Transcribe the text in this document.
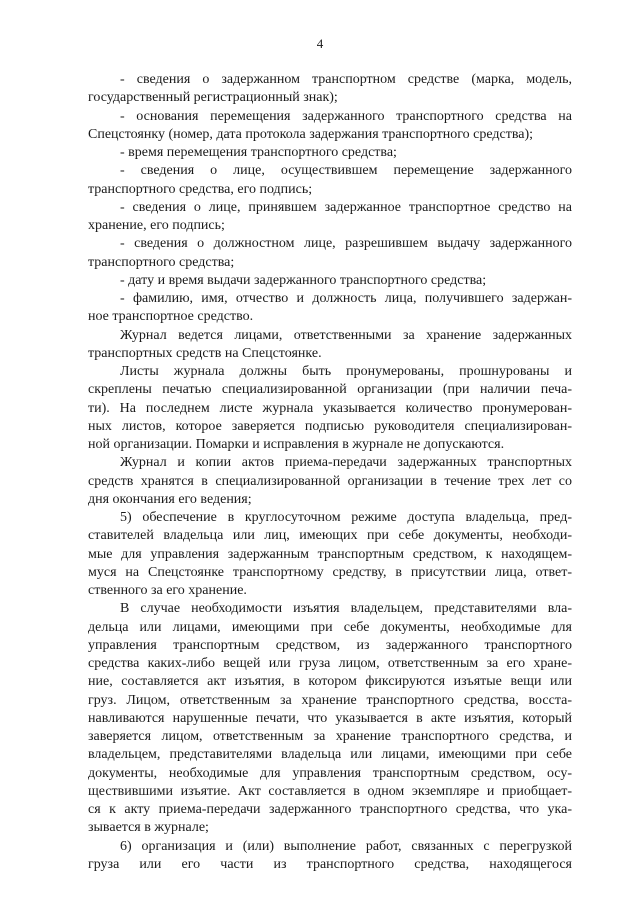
4
- сведения о задержанном транспортном средстве (марка, модель,
государственный регистрационный знак);
- основания перемещения задержанного транспортного средства на
Спецстоянку (номер, дата протокола задержания транспортного средства);
- время перемещения транспортного средства;
- сведения о лице, осуществившем перемещение задержанного
транспортного средства, его подпись;
- сведения о лице, принявшем задержанное транспортное средство на
хранение, его подпись;
- сведения о должностном лице, разрешившем выдачу задержанного
транспортного средства;
- дату и время выдачи задержанного транспортного средства;
- фамилию, имя, отчество и должность лица, получившего задержан-
ное транспортное средство.
Журнал ведется лицами, ответственными за хранение задержанных
транспортных средств на Спецстоянке.
Листы журнала должны быть пронумерованы, прошнурованы и
скреплены печатью специализированной организации (при наличии печа-
ти). На последнем листе журнала указывается количество пронумерован-
ных листов, которое заверяется подписью руководителя специализирован-
ной организации. Помарки и исправления в журнале не допускаются.
Журнал и копии актов приема-передачи задержанных транспортных
средств хранятся в специализированной организации в течение трех лет со
дня окончания его ведения;
5) обеспечение в круглосуточном режиме доступа владельца, пред-
ставителей владельца или лиц, имеющих при себе документы, необходи-
мые для управления задержанным транспортным средством, к находящем-
муся на Спецстоянке транспортному средству, в присутствии лица, ответ-
ственного за его хранение.
В случае необходимости изъятия владельцем, представителями вла-
дельца или лицами, имеющими при себе документы, необходимые для
управления транспортным средством, из задержанного транспортного
средства каких-либо вещей или груза лицом, ответственным за его хране-
ние, составляется акт изъятия, в котором фиксируются изъятые вещи или
груз. Лицом, ответственным за хранение транспортного средства, восста-
навливаются нарушенные печати, что указывается в акте изъятия, который
заверяется лицом, ответственным за хранение транспортного средства, и
владельцем, представителями владельца или лицами, имеющими при себе
документы, необходимые для управления транспортным средством, осу-
ществившими изъятие. Акт составляется в одном экземпляре и приобщает-
ся к акту приема-передачи задержанного транспортного средства, что ука-
зывается в журнале;
6) организация и (или) выполнение работ, связанных с перегрузкой
груза или его части из транспортного средства, находящегося
